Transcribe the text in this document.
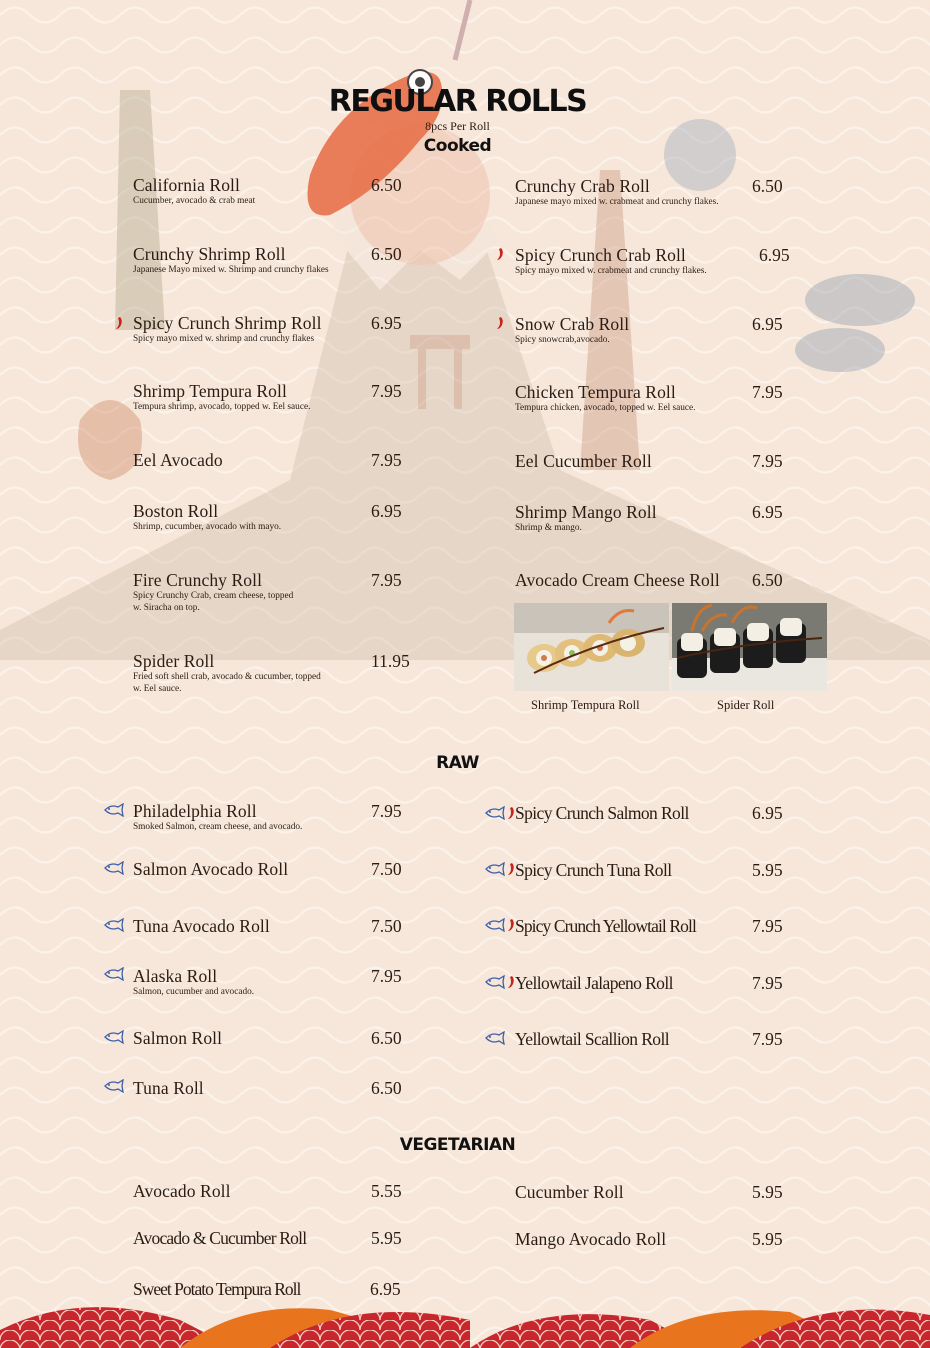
REGULAR ROLLS
8pcs Per Roll
Cooked
California Roll
Cucumber, avocado & crab meat
6.50
Crunchy Shrimp Roll
Japanese Mayo mixed w. Shrimp and crunchy flakes
6.50
Spicy Crunch Shrimp Roll
Spicy mayo mixed w. shrimp and crunchy flakes
6.95
Shrimp Tempura Roll
Tempura shrimp, avocado, topped w. Eel sauce.
7.95
Eel Avocado	7.95
Boston Roll
Shrimp, cucumber, avocado with mayo.
6.95
Fire Crunchy Roll
Spicy Crunchy Crab, cream cheese, topped w. Siracha on top.
7.95
Spider Roll
Fried soft shell crab, avocado & cucumber, topped w. Eel sauce.
11.95
Crunchy Crab Roll
Japanese mayo mixed w. crabmeat and crunchy flakes.
6.50
Spicy Crunch Crab Roll
Spicy mayo mixed w. crabmeat and crunchy flakes.
6.95
Snow Crab Roll
Spicy snowcrab,avocado.
6.95
Chicken Tempura Roll
Tempura chicken, avocado, topped w. Eel sauce.
7.95
Eel Cucumber Roll	7.95
Shrimp Mango Roll
Shrimp & mango.
6.95
Avocado Cream Cheese Roll 6.50
Shrimp Tempura Roll	Spider Roll
RAW
Philadelphia Roll
Smoked Salmon, cream cheese, and avocado.
7.95
Salmon Avocado Roll	7.50
Tuna Avocado Roll	7.50
Alaska Roll
Salmon, cucumber and avocado.
7.95
Salmon Roll	6.50
Tuna Roll	6.50
Spicy Crunch Salmon Roll	6.95
Spicy Crunch Tuna Roll	5.95
Spicy Crunch Yellowtail Roll	7.95
Yellowtail Jalapeno Roll	7.95
Yellowtail Scallion Roll	7.95
VEGETARIAN
Avocado Roll	5.55
Avocado & Cucumber Roll	5.95
Sweet Potato Tempura Roll	6.95
Cucumber Roll	5.95
Mango Avocado Roll	5.95
